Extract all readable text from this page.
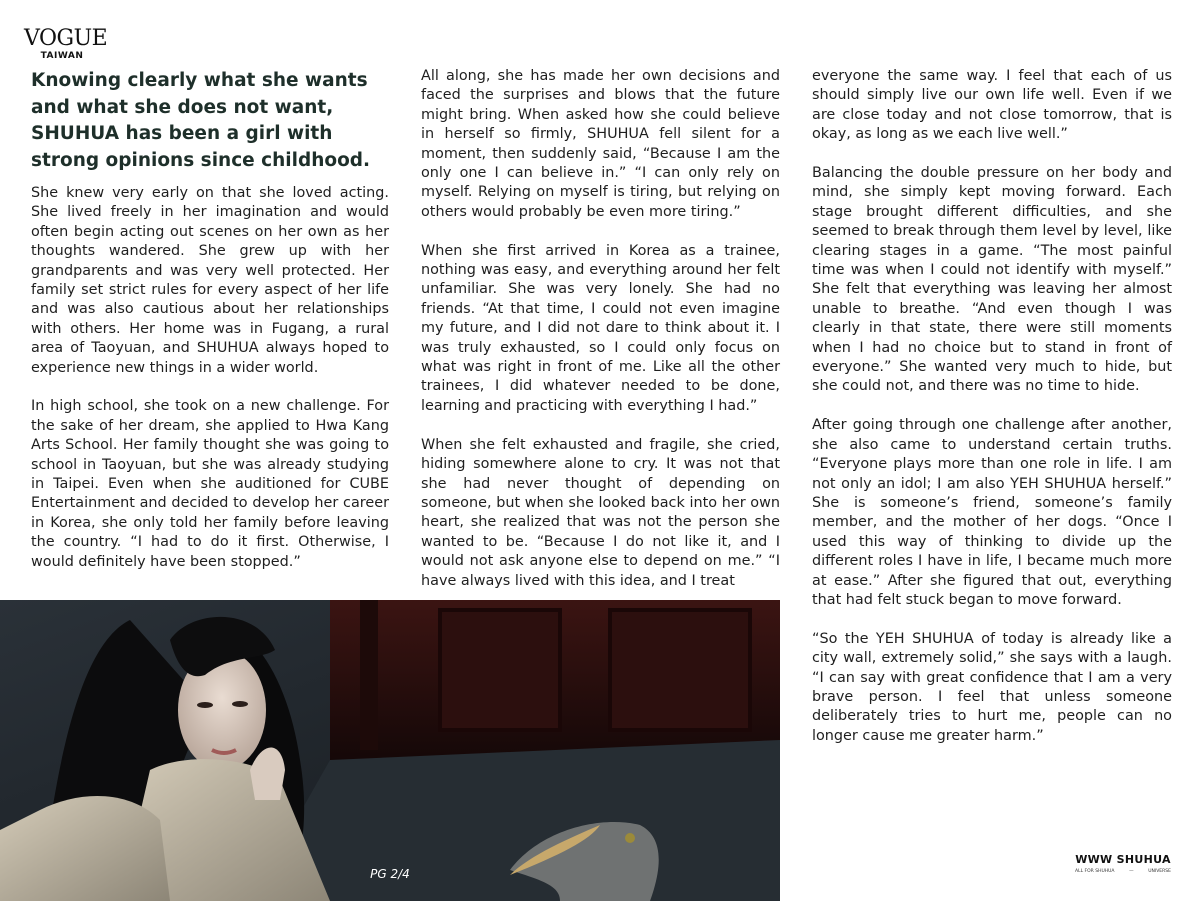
VOGUE
TAIWAN
Knowing clearly what she wants and what she does not want, SHUHUA has been a girl with strong opinions since childhood.

She knew very early on that she loved acting. She lived freely in her imagination and would often begin acting out scenes on her own as her thoughts wandered. She grew up with her grandparents and was very well protected. Her family set strict rules for every aspect of her life and was also cautious about her relationships with others. Her home was in Fugang, a rural area of Taoyuan, and SHUHUA always hoped to experience new things in a wider world.

In high school, she took on a new challenge. For the sake of her dream, she applied to Hwa Kang Arts School. Her family thought she was going to school in Taoyuan, but she was already studying in Taipei. Even when she auditioned for CUBE Entertainment and decided to develop her career in Korea, she only told her family before leaving the country. “I had to do it first. Otherwise, I would definitely have been stopped.”

All along, she has made her own decisions and faced the surprises and blows that the future might bring. When asked how she could believe in herself so firmly, SHUHUA fell silent for a moment, then suddenly said, “Because I am the only one I can believe in.” “I can only rely on myself. Relying on myself is tiring, but relying on others would probably be even more tiring.”

When she first arrived in Korea as a trainee, nothing was easy, and everything around her felt unfamiliar. She was very lonely. She had no friends. “At that time, I could not even imagine my future, and I did not dare to think about it. I was truly exhausted, so I could only focus on what was right in front of me. Like all the other trainees, I did whatever needed to be done, learning and practicing with everything I had.”

When she felt exhausted and fragile, she cried, hiding somewhere alone to cry. It was not that she had never thought of depending on someone, but when she looked back into her own heart, she realized that was not the person she wanted to be. “Because I do not like it, and I would not ask anyone else to depend on me.” “I have always lived with this idea, and I treat

everyone the same way. I feel that each of us should simply live our own life well. Even if we are close today and not close tomorrow, that is okay, as long as we each live well.”

Balancing the double pressure on her body and mind, she simply kept moving forward. Each stage brought different difficulties, and she seemed to break through them level by level, like clearing stages in a game. “The most painful time was when I could not identify with myself.” She felt that everything was leaving her almost unable to breathe. “And even though I was clearly in that state, there were still moments when I had no choice but to stand in front of everyone.” She wanted very much to hide, but she could not, and there was no time to hide.

After going through one challenge after another, she also came to understand certain truths. “Everyone plays more than one role in life. I am not only an idol; I am also YEH SHUHUA herself.” She is someone’s friend, someone’s family member, and the mother of her dogs. “Once I used this way of thinking to divide up the different roles I have in life, I became much more at ease.” After she figured that out, everything that had felt stuck began to move forward.

“So the YEH SHUHUA of today is already like a city wall, extremely solid,” she says with a laugh. “I can say with great confidence that I am a very brave person. I feel that unless someone deliberately tries to hurt me, people can no longer cause me greater harm.”

PG 2/4
WWW SHUHUA
ALL FOR SHUHUA	—	UNIVERSE
